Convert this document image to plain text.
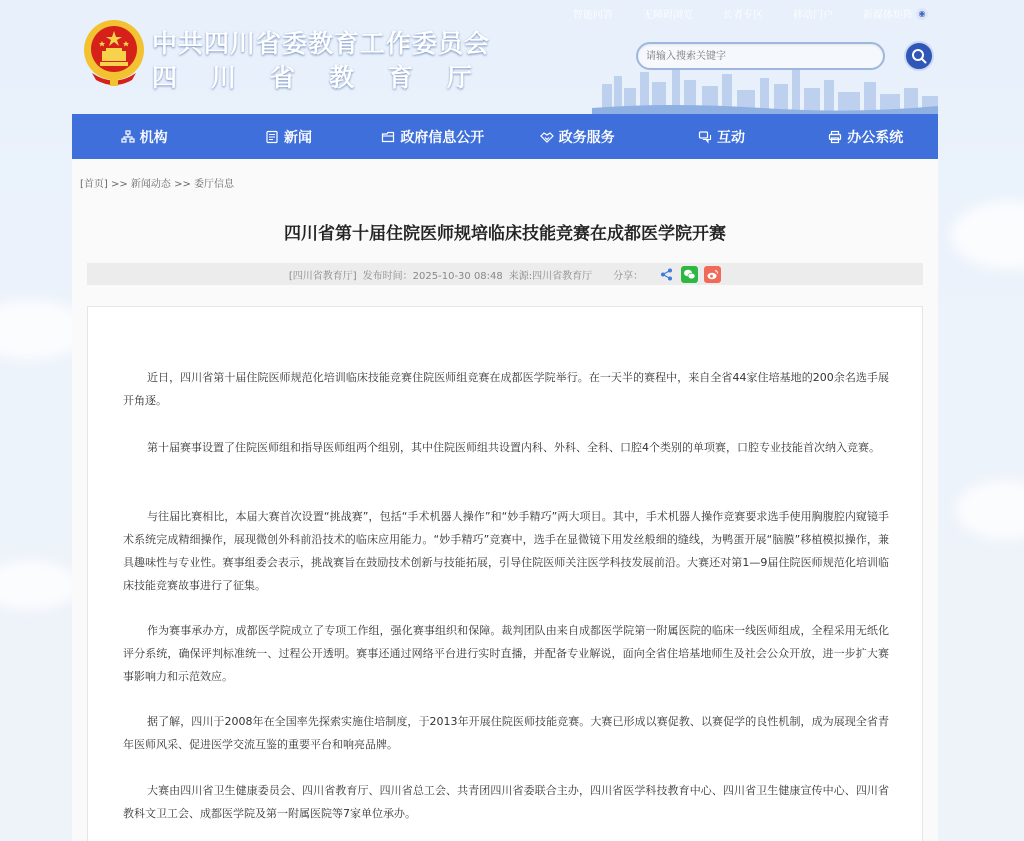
中共四川省委教育工作委员会
四川省教育厅
智能问答	无障碍浏览	长者专区	移动门户	新媒体矩阵 ◉
请输入搜索关键字
机构	新闻	政府信息公开	政务服务	互动	办公系统
[首页] >> 新闻动态 >> 委厅信息
四川省第十届住院医师规培临床技能竞赛在成都医学院开赛
[四川省教育厅] 发布时间：2025-10-30 08:48 来源:四川省教育厅 分享：

近日，四川省第十届住院医师规范化培训临床技能竞赛住院医师组竞赛在成都医学院举行。在一天半的赛程中，来自全省44家住培基地的200余名选手展开角逐。

第十届赛事设置了住院医师组和指导医师组两个组别，其中住院医师组共设置内科、外科、全科、口腔4个类别的单项赛，口腔专业技能首次纳入竞赛。

与往届比赛相比，本届大赛首次设置“挑战赛”，包括“手术机器人操作”和“妙手精巧”两大项目。其中，手术机器人操作竞赛要求选手使用胸腹腔内窥镜手术系统完成精细操作，展现微创外科前沿技术的临床应用能力。“妙手精巧”竞赛中，选手在显微镜下用发丝般细的缝线，为鸭蛋开展“脑膜”移植模拟操作，兼具趣味性与专业性。赛事组委会表示，挑战赛旨在鼓励技术创新与技能拓展，引导住院医师关注医学科技发展前沿。大赛还对第1—9届住院医师规范化培训临床技能竞赛故事进行了征集。

作为赛事承办方，成都医学院成立了专项工作组，强化赛事组织和保障。裁判团队由来自成都医学院第一附属医院的临床一线医师组成，全程采用无纸化评分系统，确保评判标准统一、过程公开透明。赛事还通过网络平台进行实时直播，并配备专业解说，面向全省住培基地师生及社会公众开放，进一步扩大赛事影响力和示范效应。

据了解，四川于2008年在全国率先探索实施住培制度，于2013年开展住院医师技能竞赛。大赛已形成以赛促教、以赛促学的良性机制，成为展现全省青年医师风采、促进医学交流互鉴的重要平台和响亮品牌。

大赛由四川省卫生健康委员会、四川省教育厅、四川省总工会、共青团四川省委联合主办，四川省医学科技教育中心、四川省卫生健康宣传中心、四川省教科文卫工会、成都医学院及第一附属医院等7家单位承办。
